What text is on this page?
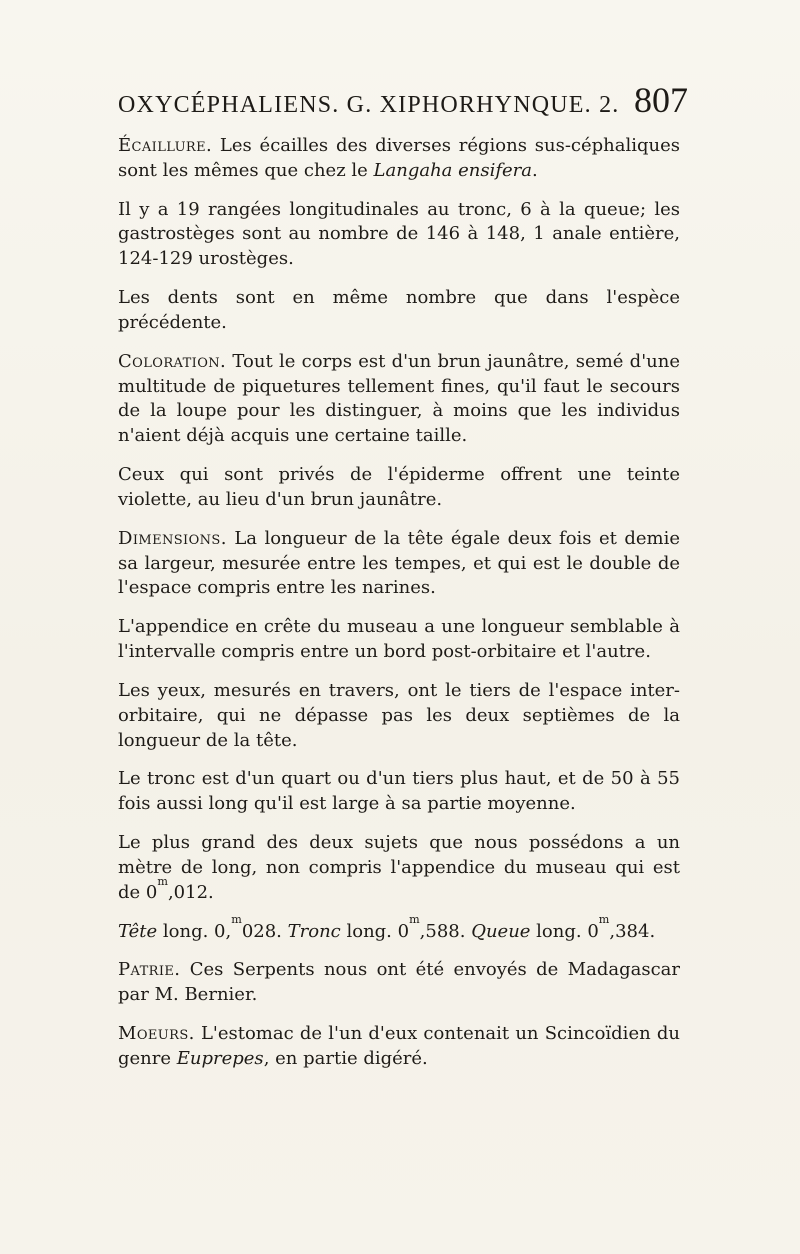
OXYCÉPHALIENS. G. XIPHORHYNQUE. 2. 807

Écaillure. Les écailles des diverses régions sus-céphaliques sont les mêmes que chez le Langaha ensifera.

Il y a 19 rangées longitudinales au tronc, 6 à la queue; les gastrostèges sont au nombre de 146 à 148, 1 anale entière, 124-129 urostèges.

Les dents sont en même nombre que dans l'espèce précédente.

Coloration. Tout le corps est d'un brun jaunâtre, semé d'une multitude de piquetures tellement fines, qu'il faut le secours de la loupe pour les distinguer, à moins que les individus n'aient déjà acquis une certaine taille.

Ceux qui sont privés de l'épiderme offrent une teinte violette, au lieu d'un brun jaunâtre.

Dimensions. La longueur de la tête égale deux fois et demie sa largeur, mesurée entre les tempes, et qui est le double de l'espace compris entre les narines.

L'appendice en crête du museau a une longueur semblable à l'intervalle compris entre un bord post-orbitaire et l'autre.

Les yeux, mesurés en travers, ont le tiers de l'espace inter-orbitaire, qui ne dépasse pas les deux septièmes de la longueur de la tête.

Le tronc est d'un quart ou d'un tiers plus haut, et de 50 à 55 fois aussi long qu'il est large à sa partie moyenne.

Le plus grand des deux sujets que nous possédons a un mètre de long, non compris l'appendice du museau qui est de 0$^m$,012.

Tête long. 0,$^m$028. Tronc long. 0$^m$,588. Queue long. 0$^m$,384.

Patrie. Ces Serpents nous ont été envoyés de Madagascar par M. Bernier.

Moeurs. L'estomac de l'un d'eux contenait un Scincoïdien du genre Euprepes, en partie digéré.
